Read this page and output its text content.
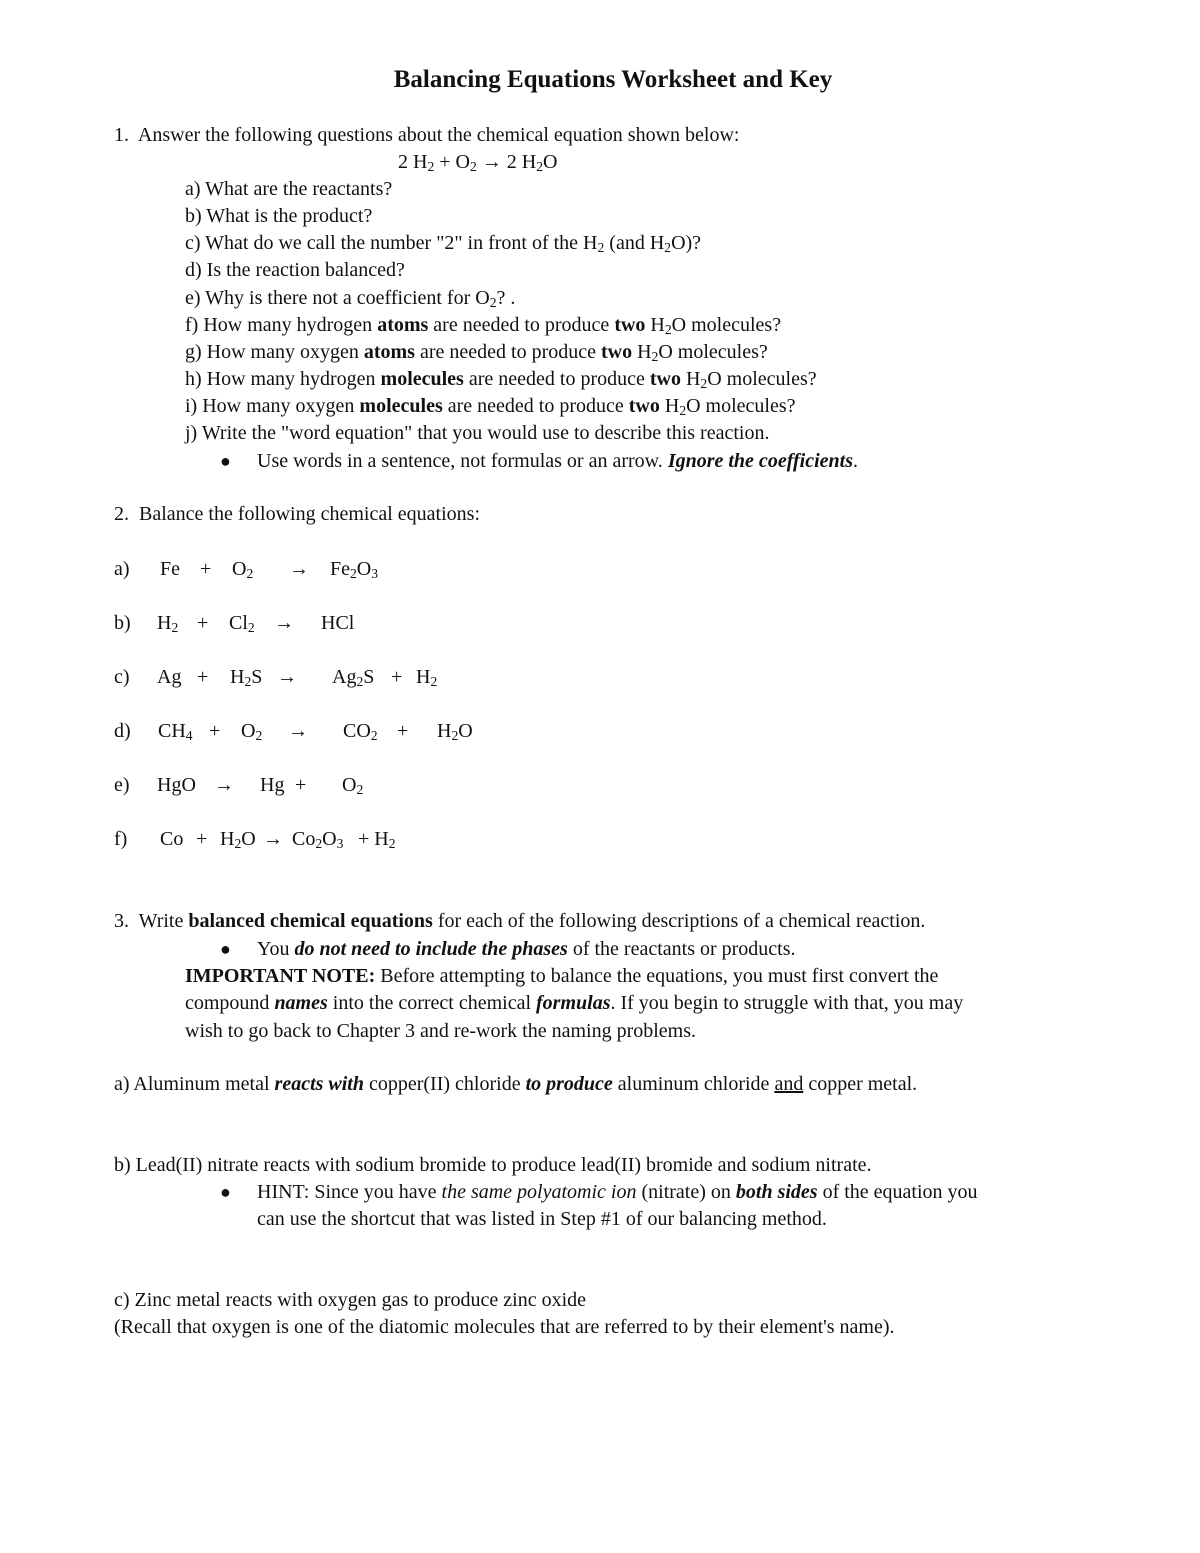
Balancing Equations Worksheet and Key
1. Answer the following questions about the chemical equation shown below:
2 $H_2 + O_2 \to 2$ $H_2O$
a) What are the reactants?
b) What is the product?
c) What do we call the number "2" in front of the $H_2$ (and $H_2O$)?
d) Is the reaction balanced?
e) Why is there not a coefficient for $O_2$? .
f) How many hydrogen atoms are needed to produce two $H_2O$ molecules?
g) How many oxygen atoms are needed to produce two $H_2O$ molecules?
h) How many hydrogen molecules are needed to produce two $H_2O$ molecules?
i) How many oxygen molecules are needed to produce two $H_2O$ molecules?
j) Write the "word equation" that you would use to describe this reaction.
● Use words in a sentence, not formulas or an arrow. Ignore the coefficients.
2. Balance the following chemical equations:
a) $Fe + O_2 \to Fe_2O_3$
b) $H_2 + Cl_2$ → HCl
c) $Ag + H_2S \to Ag_2S + H_2$
d) $CH_4 + O_2 \to CO_2 + H_2O$
e) HgO → $Hg + O_2$
f) $Co + H_2O \to Co_2O_3 + H_2$
3. Write balanced chemical equations for each of the following descriptions of a chemical reaction.
● You do not need to include the phases of the reactants or products.
IMPORTANT NOTE: Before attempting to balance the equations, you must first convert the
compound names into the correct chemical formulas. If you begin to struggle with that, you may
wish to go back to Chapter 3 and re-work the naming problems.
a) Aluminum metal reacts with copper(II) chloride to produce aluminum chloride and copper metal.
b) Lead(II) nitrate reacts with sodium bromide to produce lead(II) bromide and sodium nitrate.
● HINT: Since you have the same polyatomic ion (nitrate) on both sides of the equation you
can use the shortcut that was listed in Step #1 of our balancing method.
c) Zinc metal reacts with oxygen gas to produce zinc oxide
(Recall that oxygen is one of the diatomic molecules that are referred to by their element's name).
